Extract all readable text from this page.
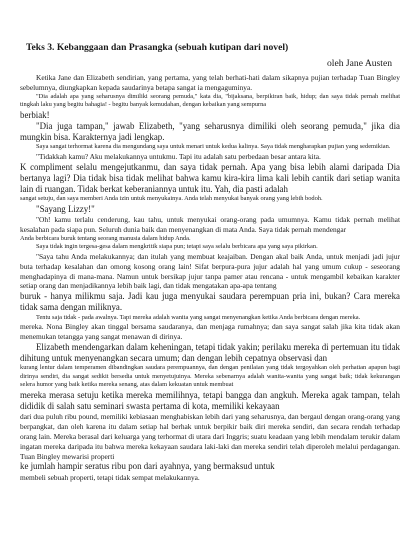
Teks 3. Kebanggaan dan Prasangka (sebuah kutipan dari novel)
oleh Jane Austen

Ketika Jane dan Elizabeth sendirian, yang pertama, yang telah berhati-hati dalam sikapnya pujian terhadap Tuan Bingley sebelumnya, diungkapkan kepada saudarinya betapa sangat ia mengaguminya.

"Dia adalah apa yang seharusnya dimiliki seorang pemuda," kata dia, "bijaksana, berpikiran baik, hidup; dan saya tidak pernah melihat tingkah laku yang begitu bahagia! - begitu banyak kemudahan, dengan kebaikan yang sempurna

berbiak!

"Dia juga tampan," jawab Elizabeth, "yang seharusnya dimiliki oleh seorang pemuda," jika dia mungkin bisa. Karakternya jadi lengkap.

Saya sangat terhormat karena dia mengundang saya untuk menari untuk kedua kalinya. Saya tidak mengharapkan pujian yang sedemikian.

"Tidakkah kamu? Aku melakukannya untukmu. Tapi itu adalah satu perbedaan besar antara kita.

K compliment selalu mengejutkanmu, dan saya tidak pernah. Apa yang bisa lebih alami daripada Dia bertanya lagi? Dia tidak bisa tidak melihat bahwa kamu kira-kira lima kali lebih cantik dari setiap wanita lain di ruangan. Tidak berkat keberaniannya untuk itu. Yah, dia pasti adalah

sangat setuju, dan saya memberi Anda izin untuk menyukainya. Anda telah menyukai banyak orang yang lebih bodoh.

"Sayang Lizzy!"

"Oh! kamu terlalu cenderung, kau tahu, untuk menyukai orang-orang pada umumnya. Kamu tidak pernah melihat kesalahan pada siapa pun. Seluruh dunia baik dan menyenangkan di mata Anda. Saya tidak pernah mendengar

Anda berbicara buruk tentang seorang manusia dalam hidup Anda.

Saya tidak ingin tergesa-gesa dalam mengkritik siapa pun; tetapi saya selalu berbicara apa yang saya pikirkan.

"Saya tahu Anda melakukannya; dan itulah yang membuat keajaiban. Dengan akal baik Anda, untuk menjadi jadi jujur buta terhadap kesalahan dan omong kosong orang lain! Sifat berpura-pura jujur adalah hal yang umum cukup - seseorang menghadapinya di mana-mana. Namun untuk bersikap jujur tanpa pamer atau rencana - untuk mengambil kebaikan karakter setiap orang dan menjadikannya lebih baik lagi, dan tidak mengatakan apa-apa tentang

buruk - hanya milikmu saja. Jadi kau juga menyukai saudara perempuan pria ini, bukan? Cara mereka tidak sama dengan miliknya.

Tentu saja tidak - pada awalnya. Tapi mereka adalah wanita yang sangat menyenangkan ketika Anda berbicara dengan mereka.

mereka. Nona Bingley akan tinggal bersama saudaranya, dan menjaga rumahnya; dan saya sangat salah jika kita tidak akan menemukan tetangga yang sangat menawan di dirinya.

Elizabeth mendengarkan dalam keheningan, tetapi tidak yakin; perilaku mereka di pertemuan itu tidak dihitung untuk menyenangkan secara umum; dan dengan lebih cepatnya observasi dan

kurang lentur dalam temperamen dibandingkan saudara perempuannya, dan dengan penilaian yang tidak tergoyahkan oleh perhatian apapun bagi dirinya sendiri, dia sangat sedikit bersedia untuk menyetujuinya. Mereka sebenarnya adalah wanita-wanita yang sangat baik; tidak kekurangan selera humor yang baik ketika mereka senang, atas dalam kekuatan untuk membuat

mereka merasa setuju ketika mereka memilihnya, tetapi bangga dan angkuh. Mereka agak tampan, telah dididik di salah satu seminari swasta pertama di kota, memiliki kekayaan

dari dua puluh ribu pound, memiliki kebiasaan menghabiskan lebih dari yang seharusnya, dan bergaul dengan orang-orang yang berpangkat, dan oleh karena itu dalam setiap hal berhak untuk berpikir baik diri mereka sendiri, dan secara rendah terhadap orang lain. Mereka berasal dari keluarga yang terhormat di utara dari Inggris; suatu keadaan yang lebih mendalam terukir dalam ingatan mereka daripada itu bahwa mereka kekayaan saudara laki-laki dan mereka sendiri telah diperoleh melalui perdagangan. Tuan Bingley mewarisi properti

ke jumlah hampir seratus ribu pon dari ayahnya, yang bermaksud untuk

membeli sebuah properti, tetapi tidak sempat melakukannya.
